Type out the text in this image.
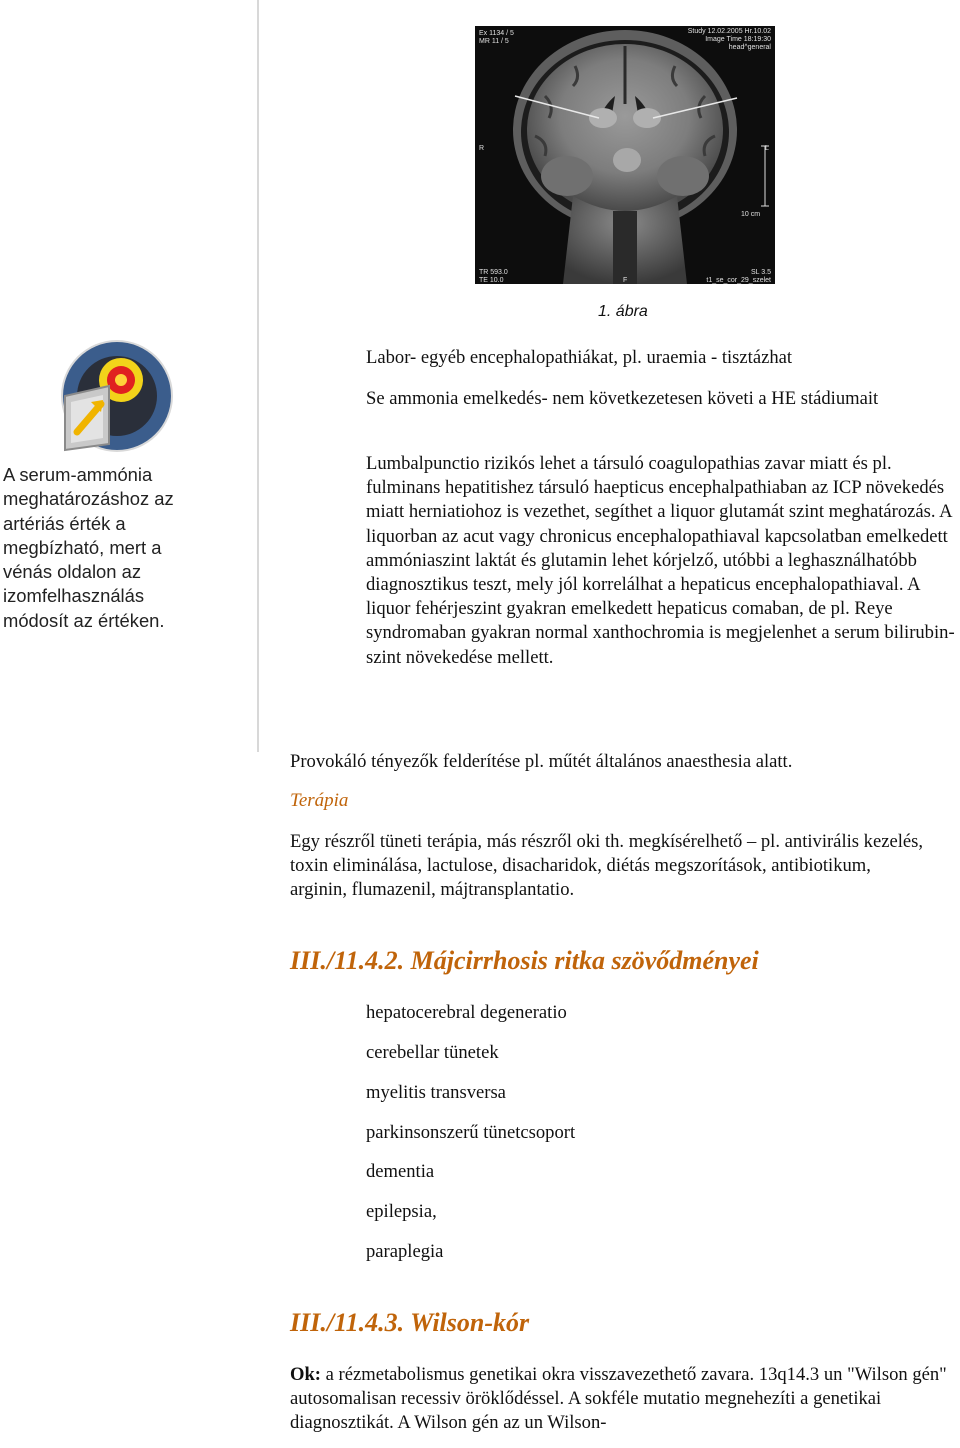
Ex 1134 / 5
MR 11 / 5
Study 12.02.2005 Hr.10.02
Image Time 18:19:30
head^general
R	L
10 cm
TR 593.0
TE 10.0	F
SL 3.5
t1_se_cor_29_szelet
1. ábra
A serum-ammónia meghatározáshoz az artériás érték a megbízható, mert a vénás oldalon az izomfelhasználás módosít az értéken.

Labor- egyéb encephalopathiákat, pl. uraemia - tisztázhat

Se ammonia emelkedés- nem következetesen követi a HE stádiumait

Lumbalpunctio rizikós lehet a társuló coagulopathias zavar miatt és pl. fulminans hepatitishez társuló haepticus encephalpathiaban az ICP növekedés miatt herniatiohoz is vezethet, segíthet a liquor glutamát szint meghatározás. A liquorban az acut vagy chronicus encephalopathiaval kapcsolatban emelkedett ammóniaszint laktát és glutamin lehet kórjelző, utóbbi a leghasználhatóbb diagnosztikus teszt, mely jól korrelálhat a hepaticus encephalopathiaval. A liquor fehérjeszint gyakran emelkedett hepaticus comaban, de pl. Reye syndromaban gyakran normal xanthochromia is megjelenhet a serum bilirubin-szint növekedése mellett.

Provokáló tényezők felderítése pl. műtét általános anaesthesia alatt.

Terápia

Egy részről tüneti terápia, más részről oki th. megkísérelhető – pl. antivirális kezelés, toxin eliminálása, lactulose, disacharidok, diétás megszorítások, antibiotikum, arginin, flumazenil, májtransplantatio.

III./11.4.2. Májcirrhosis ritka szövődményei
hepatocerebral degeneratio
cerebellar tünetek
myelitis transversa
parkinsonszerű tünetcsoport
dementia
epilepsia,
paraplegia
III./11.4.3. Wilson-kór

Ok: a rézmetabolismus genetikai okra visszavezethető zavara. 13q14.3 un "Wilson gén" autosomalisan recessiv öröklődéssel. A sokféle mutatio megnehezíti a genetikai diagnosztikát. A Wilson gén az un Wilson-
